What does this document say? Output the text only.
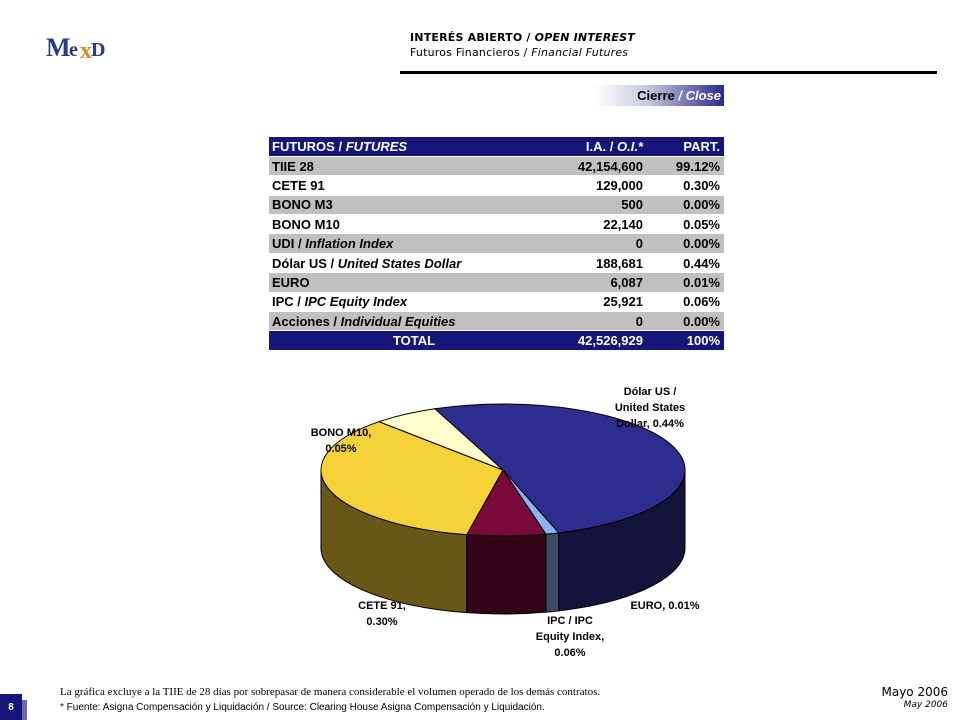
M e x D
INTERÉS ABIERTO / OPEN INTEREST
Futuros Financieros / Financial Futures
Cierre / Close
FUTUROS / FUTURES	I.A. / O.I.*	PART.
TIIE 28	42,154,600	99.12%
CETE 91	129,000	0.30%
BONO M3	500	0.00%
BONO M10	22,140	0.05%
UDI / Inflation Index	0	0.00%
Dólar US / United States Dollar	188,681	0.44%
EURO	6,087	0.01%
IPC / IPC Equity Index	25,921	0.06%
Acciones / Individual Equities	0	0.00%
TOTAL	42,526,929	100%
Dólar US /
United States
Dollar, 0.44%
BONO M10,
0.05%
CETE 91,
0.30%
EURO, 0.01%
IPC / IPC
Equity Index,
0.06%
La gráfica excluye a la TIIE de 28 días por sobrepasar de manera considerable el volumen operado de los demás contratos.
* Fuente: Asigna Compensación y Liquidación / Source: Clearing House Asigna Compensación y Liquidación.
8
Mayo 2006
May 2006
